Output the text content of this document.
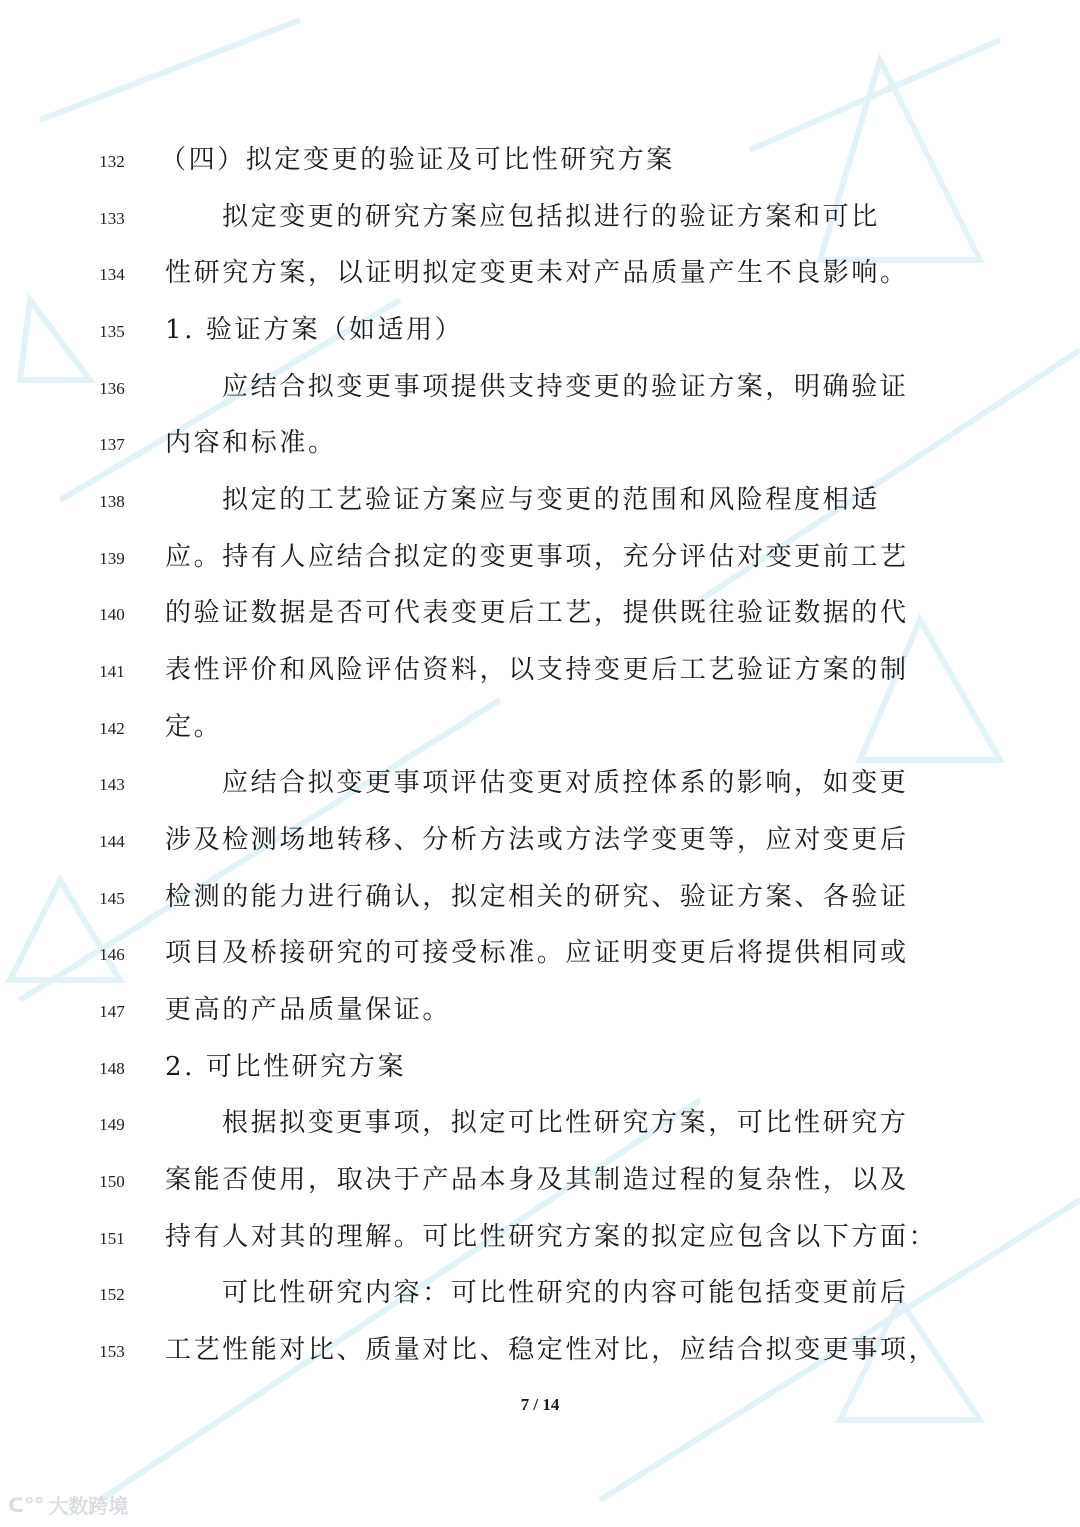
132 （四）拟定变更的验证及可比性研究方案
133	拟定变更的研究方案应包括拟进行的验证方案和可比
134 性研究方案，以证明拟定变更未对产品质量产生不良影响。
135 1. 验证方案（如适用）
136	应结合拟变更事项提供支持变更的验证方案，明确验证
137 内容和标准。
138	拟定的工艺验证方案应与变更的范围和风险程度相适
139 应。持有人应结合拟定的变更事项，充分评估对变更前工艺
140 的验证数据是否可代表变更后工艺，提供既往验证数据的代
141 表性评价和风险评估资料，以支持变更后工艺验证方案的制
142 定。
143	应结合拟变更事项评估变更对质控体系的影响，如变更
144 涉及检测场地转移、分析方法或方法学变更等，应对变更后
145 检测的能力进行确认，拟定相关的研究、验证方案、各验证
146 项目及桥接研究的可接受标准。应证明变更后将提供相同或
147 更高的产品质量保证。
148 2. 可比性研究方案
149	根据拟变更事项，拟定可比性研究方案，可比性研究方
150 案能否使用，取决于产品本身及其制造过程的复杂性，以及
151 持有人对其的理解。可比性研究方案的拟定应包含以下方面：
152	可比性研究内容：可比性研究的内容可能包括变更前后
153 工艺性能对比、质量对比、稳定性对比，应结合拟变更事项，
7 / 14
ᑕ°° 大数跨境
